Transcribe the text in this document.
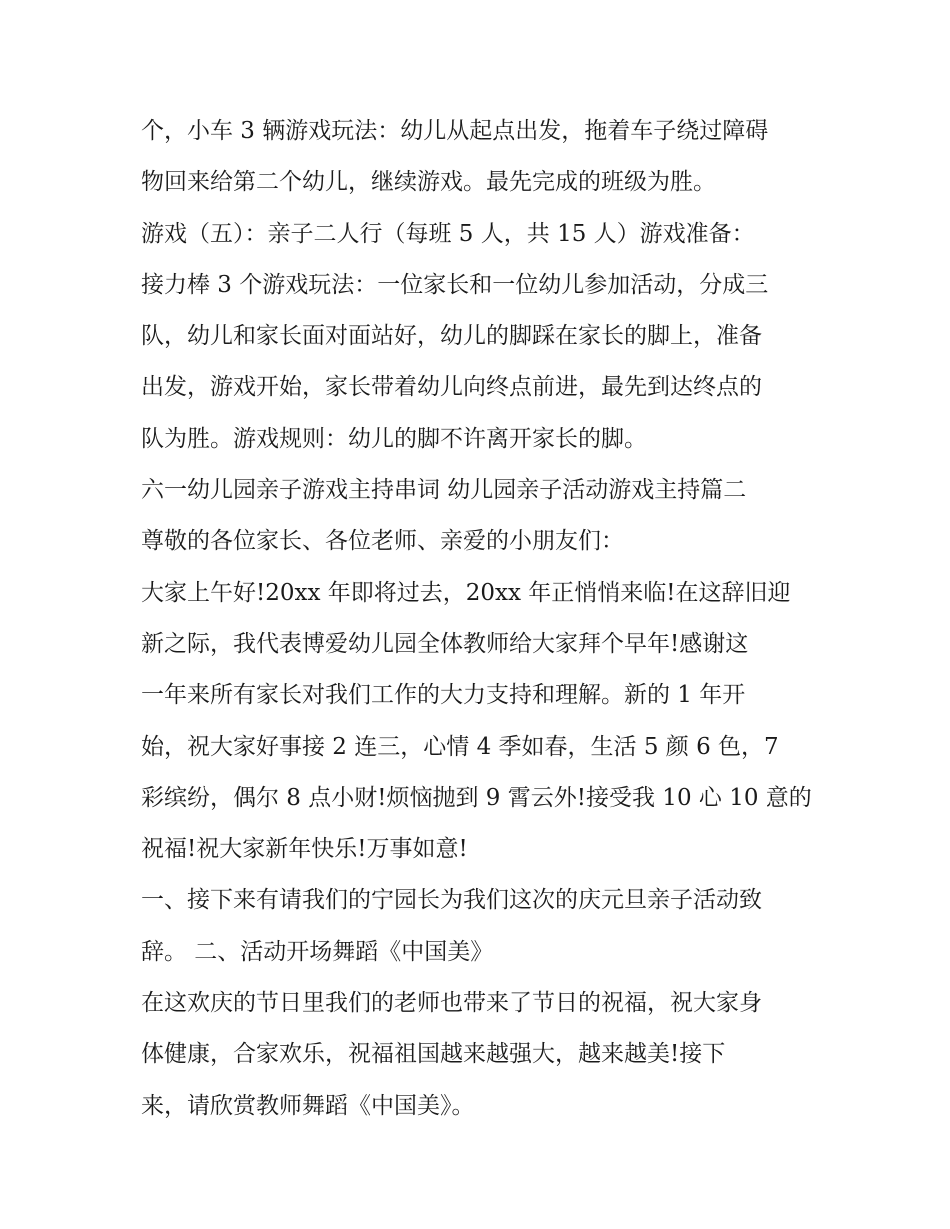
个，小车 3 辆游戏玩法：幼儿从起点出发，拖着车子绕过障碍
物回来给第二个幼儿，继续游戏。最先完成的班级为胜。
游戏（五）：亲子二人行（每班 5 人，共 15 人）游戏准备：
接力棒 3 个游戏玩法：一位家长和一位幼儿参加活动，分成三
队，幼儿和家长面对面站好，幼儿的脚踩在家长的脚上，准备
出发，游戏开始，家长带着幼儿向终点前进，最先到达终点的
队为胜。游戏规则：幼儿的脚不许离开家长的脚。
六一幼儿园亲子游戏主持串词 幼儿园亲子活动游戏主持篇二
尊敬的各位家长、各位老师、亲爱的小朋友们：
大家上午好!20xx 年即将过去，20xx 年正悄悄来临!在这辞旧迎
新之际，我代表博爱幼儿园全体教师给大家拜个早年!感谢这
一年来所有家长对我们工作的大力支持和理解。新的 1 年开
始，祝大家好事接 2 连三，心情 4 季如春，生活 5 颜 6 色，7
彩缤纷，偶尔 8 点小财!烦恼抛到 9 霄云外!接受我 10 心 10 意的
祝福!祝大家新年快乐!万事如意!
一、接下来有请我们的宁园长为我们这次的庆元旦亲子活动致
辞。 二、活动开场舞蹈《中国美》
在这欢庆的节日里我们的老师也带来了节日的祝福，祝大家身
体健康，合家欢乐，祝福祖国越来越强大，越来越美!接下
来，请欣赏教师舞蹈《中国美》。
